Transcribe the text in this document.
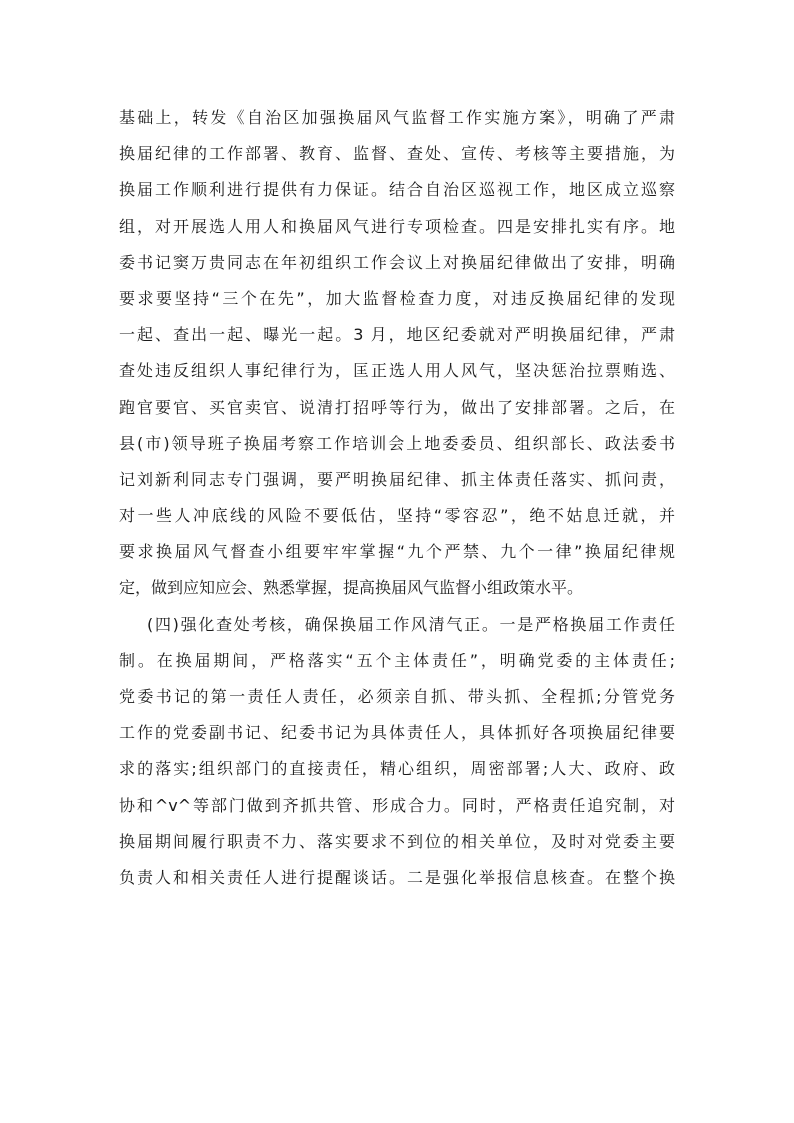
基础上，转发《自治区加强换届风气监督工作实施方案》，明确了严肃
换届纪律的工作部署、教育、监督、查处、宣传、考核等主要措施，为
换届工作顺利进行提供有力保证。结合自治区巡视工作，地区成立巡察
组，对开展选人用人和换届风气进行专项检查。四是安排扎实有序。地
委书记窦万贵同志在年初组织工作会议上对换届纪律做出了安排，明确
要求要坚持“三个在先”，加大监督检查力度，对违反换届纪律的发现
一起、查出一起、曝光一起。3 月，地区纪委就对严明换届纪律，严肃
查处违反组织人事纪律行为，匡正选人用人风气，坚决惩治拉票贿选、
跑官要官、买官卖官、说清打招呼等行为，做出了安排部署。之后，在
县(市)领导班子换届考察工作培训会上地委委员、组织部长、政法委书
记刘新利同志专门强调，要严明换届纪律、抓主体责任落实、抓问责，
对一些人冲底线的风险不要低估，坚持“零容忍”，绝不姑息迁就，并
要求换届风气督查小组要牢牢掌握“九个严禁、九个一律”换届纪律规
定，做到应知应会、熟悉掌握，提高换届风气监督小组政策水平。
(四)强化查处考核，确保换届工作风清气正。一是严格换届工作责任
制。在换届期间，严格落实“五个主体责任”，明确党委的主体责任;
党委书记的第一责任人责任，必须亲自抓、带头抓、全程抓;分管党务
工作的党委副书记、纪委书记为具体责任人，具体抓好各项换届纪律要
求的落实;组织部门的直接责任，精心组织，周密部署;人大、政府、政
协和^v^等部门做到齐抓共管、形成合力。同时，严格责任追究制，对
换届期间履行职责不力、落实要求不到位的相关单位，及时对党委主要
负责人和相关责任人进行提醒谈话。二是强化举报信息核查。在整个换
